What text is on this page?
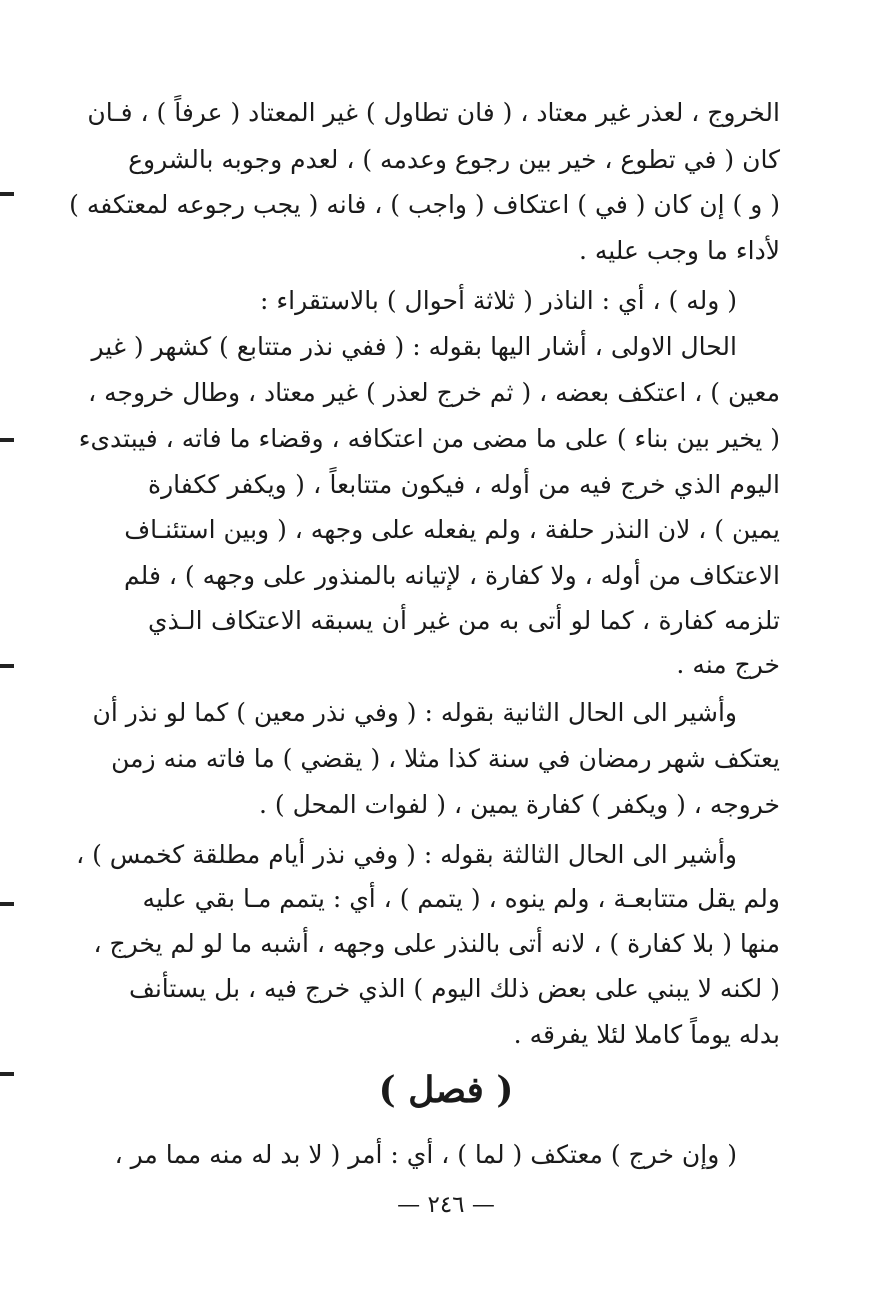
الخروج ، لعذر غير معتاد ، ( فان تطاول ) غير المعتاد ( عرفاً ) ، فـان
كان ( في تطوع ، خير بين رجوع وعدمه ) ، لعدم وجوبه بالشروع
( و ) إن كان ( في ) اعتكاف ( واجب ) ، فانه ( يجب رجوعه لمعتكفه )
لأداء ما وجب عليه .
( وله ) ، أي : الناذر ( ثلاثة أحوال ) بالاستقراء :
الحال الاولى ، أشار اليها بقوله : ( ففي نذر متتابع ) كشهر ( غير
معين ) ، اعتكف بعضه ، ( ثم خرج لعذر ) غير معتاد ، وطال خروجه ،
( يخير بين بناء ) على ما مضى من اعتكافه ، وقضاء ما فاته ، فيبتدىء
اليوم الذي خرج فيه من أوله ، فيكون متتابعاً ، ( ويكفر ككفارة
يمين ) ، لان النذر حلفة ، ولم يفعله على وجهه ، ( وبين استئنـاف
الاعتكاف من أوله ، ولا كفارة ، لإتيانه بالمنذور على وجهه ) ، فلم
تلزمه كفارة ، كما لو أتى به من غير أن يسبقه الاعتكاف الـذي
خرج منه .
وأشير الى الحال الثانية بقوله : ( وفي نذر معين ) كما لو نذر أن
يعتكف شهر رمضان في سنة كذا مثلا ، ( يقضي ) ما فاته منه زمن
خروجه ، ( ويكفر ) كفارة يمين ، ( لفوات المحل ) .
وأشير الى الحال الثالثة بقوله : ( وفي نذر أيام مطلقة كخمس ) ،
ولم يقل متتابعـة ، ولم ينوه ، ( يتمم ) ، أي : يتمم مـا بقي عليه
منها ( بلا كفارة ) ، لانه أتى بالنذر على وجهه ، أشبه ما لو لم يخرج ،
( لكنه لا يبني على بعض ذلك اليوم ) الذي خرج فيه ، بل يستأنف
بدله يوماً كاملا لئلا يفرقه .
( فصل )
( وإن خرج ) معتكف ( لما ) ، أي : أمر ( لا بد له منه مما مر ،
— ٢٤٦ —
